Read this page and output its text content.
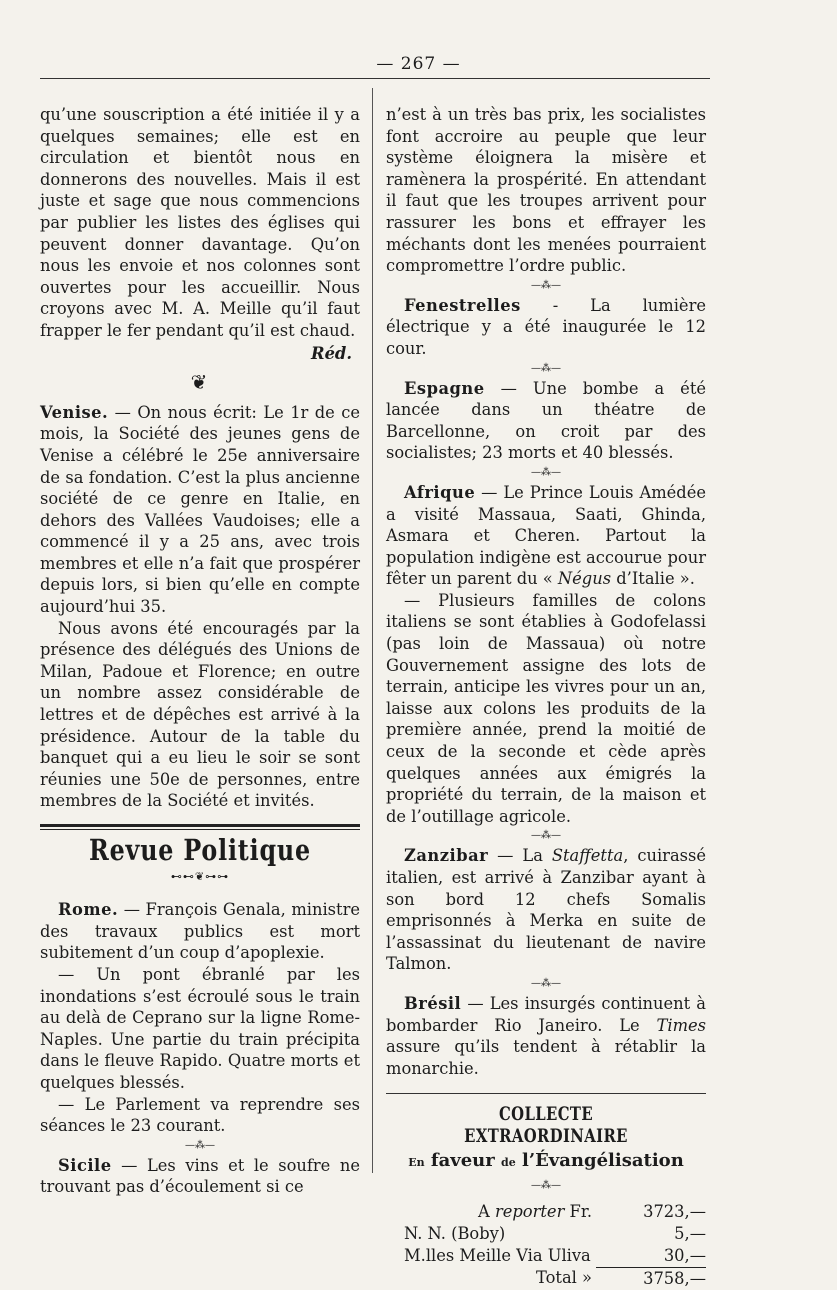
— 267 —

qu’une souscription a été initiée il y a quelques semaines; elle est en circulation et bientôt nous en donnerons des nouvelles. Mais il est juste et sage que nous commencions par publier les listes des églises qui peuvent donner davantage. Qu’on nous les envoie et nos colonnes sont ouvertes pour les accueillir. Nous croyons avec M. A. Meille qu’il faut frapper le fer pendant qu’il est chaud.

Réd.

❦

Venise. — On nous écrit: Le 1r de ce mois, la Société des jeunes gens de Venise a célébré le 25e anniversaire de sa fondation. C’est la plus ancienne société de ce genre en Italie, en dehors des Vallées Vaudoises; elle a commencé il y a 25 ans, avec trois membres et elle n’a fait que prospérer depuis lors, si bien qu’elle en compte aujourd’hui 35.

Nous avons été encouragés par la présence des délégués des Unions de Milan, Padoue et Florence; en outre un nombre assez considérable de lettres et de dépêches est arrivé à la présidence. Autour de la table du banquet qui a eu lieu le soir se sont réunies une 50e de personnes, entre membres de la Société et invités.

Revue Politique
⊷⊷❦⊶⊶

Rome. — François Genala, ministre des travaux publics est mort subitement d’un coup d’apoplexie.

— Un pont ébranlé par les inondations s’est écroulé sous le train au delà de Ceprano sur la ligne Rome-Naples. Une partie du train précipita dans le fleuve Rapido. Quatre morts et quelques blessés.

— Le Parlement va reprendre ses séances le 23 courant.

—⁂—

Sicile — Les vins et le soufre ne trouvant pas d’écoulement si ce

n’est à un très bas prix, les socialistes font accroire au peuple que leur système éloignera la misère et ramènera la prospérité. En attendant il faut que les troupes arrivent pour rassurer les bons et effrayer les méchants dont les menées pourraient compromettre l’ordre public.

—⁂—

Fenestrelles - La lumière électrique y a été inaugurée le 12 cour.

—⁂—

Espagne — Une bombe a été lancée dans un théatre de Barcellonne, on croit par des socialistes; 23 morts et 40 blessés.

—⁂—

Afrique — Le Prince Louis Amédée a visité Massaua, Saati, Ghinda, Asmara et Cheren. Partout la population indigène est accourue pour fêter un parent du « Négus d’Italie ».

— Plusieurs familles de colons italiens se sont établies à Godofelassi (pas loin de Massaua) où notre Gouvernement assigne des lots de terrain, anticipe les vivres pour un an, laisse aux colons les produits de la première année, prend la moitié de ceux de la seconde et cède après quelques années aux émigrés la propriété du terrain, de la maison et de l’outillage agricole.

—⁂—

Zanzibar — La Staffetta, cuirassé italien, est arrivé à Zanzibar ayant à son bord 12 chefs Somalis emprisonnés à Merka en suite de l’assassinat du lieutenant de navire Talmon.

—⁂—

Brésil — Les insurgés continuent à bombarder Rio Janeiro. Le Times assure qu’ils tendent à rétablir la monarchie.

COLLECTE EXTRAORDINAIRE
En faveur de l’Évangélisation
—⁂—
A reporter Fr.	3723,—
N. N. (Boby)	5,—
M.lles Meille Via Uliva	30,—
Total »	3758,—
